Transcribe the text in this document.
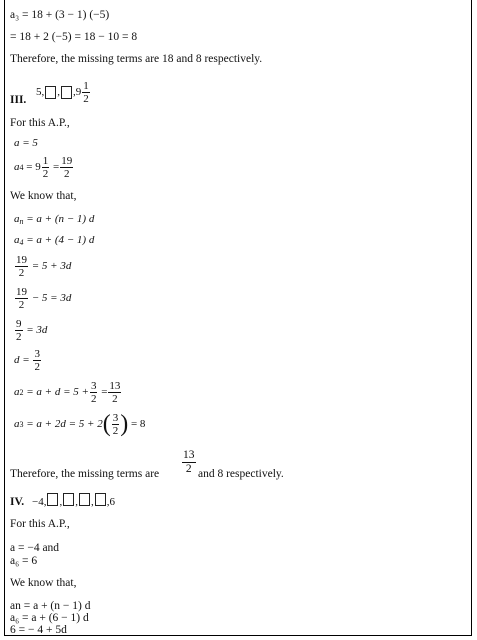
a₃ = 18 + (3 − 1) (−5)
= 18 + 2 (−5) = 18 − 10 = 8
Therefore, the missing terms are 18 and 8 respectively.
III.
5, , , $9 \frac{1}{2}$
For this A.P.,
a = 5
a 4
=
$9 \frac{1}{2}$
= $\frac{19}{2}$
We know that,
$a_n = a + (n - 1)$ d
$a_4 = a + (4 - 1)$ d
$\frac{19}{2}$
= 5 + 3d
$\frac{19}{2}$
− 5 = 3d
$\frac{9}{2}$
= 3d
d =
$\frac{3}{2}$
a 2
= $a + d = 5 + \frac{3}{2}$
= $\frac{13}{2}$
a 3
= a + 2d = 5 + 2 ( $\frac{3}{2}$ )
= 8
Therefore, the missing terms are
13
2 and 8 respectively.
IV. −4, , , , ,6
For this A.P.,
a = −4 and
a₆ = 6
We know that,
an = a + (n − 1) d
a₆ = a + (6 − 1) d
6 = − 4 + 5d
